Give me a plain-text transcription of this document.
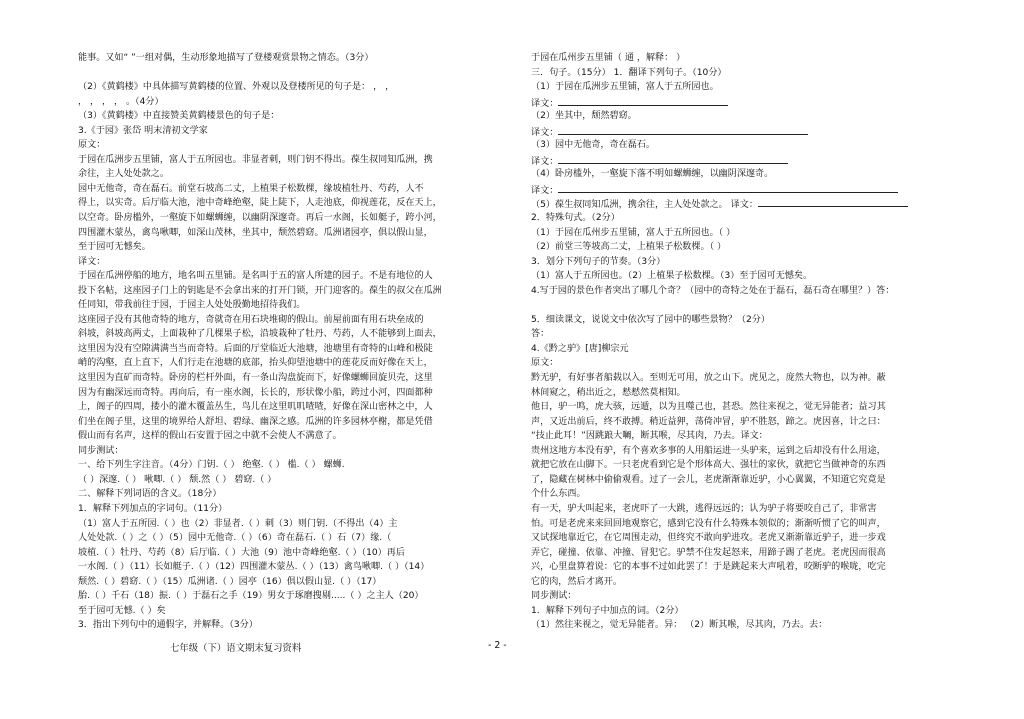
能事。又如“ ”一组对偶，生动形象地描写了登楼观赏景物之情态。（3分）
（2）《黄鹤楼》中具体描写黄鹤楼的位置、外观以及登楼所见的句子是： ， ，
， ， ， ， 。（4分）
（3）《黄鹤楼》中直接赞美黄鹤楼景色的句子是：
3.《于园》张岱 明末清初文学家
原文：
于园在瓜洲步五里铺，富人于五所园也。非显者刺，则门钥不得出。葆生叔同知瓜洲，携
余往，主人处处款之。
园中无他奇，奇在磊石。前堂石坡高二丈，上植果子松数棵，缘坡植牡丹、芍药，人不
得上，以实奇。后厅临大池，池中奇峰绝壑，陡上陡下，人走池底，仰视莲花，反在天上，
以空奇。卧房槛外，一壑旋下如螺蛳缠，以幽阴深邃奇。再后一水阁，长如艇子，跨小河，
四围灌木蒙丛，禽鸟啾唧，如深山茂林，坐其中，颓然碧窈。瓜洲诸园亭，俱以假山显，
至于园可无憾矣。
译文：
于园在瓜洲停船的地方，地名叫五里铺。是名叫于五的富人所建的园子。不是有地位的人
投下名帖，这座园子门上的钥匙是不会拿出来的打开门锁，开门迎客的。葆生的叔父在瓜洲
任同知，带我前往于园，于园主人处处殷勤地招待我们。
这座园子没有其他奇特的地方，奇就奇在用石块堆砌的假山。前屋前面有用石块垒成的
斜坡，斜坡高两丈，上面栽种了几棵果子松，沿坡栽种了牡丹、芍药，人不能够到上面去，
这里因为没有空隙满满当当而奇特。后面的厅堂临近大池塘，池塘里有奇特的山峰和极陡
峭的沟壑，直上直下，人们行走在池塘的底部，抬头仰望池塘中的莲花反而好像在天上，
这里因为直矿而奇特。卧房的栏杆外面，有一条山沟盘旋而下，好像螺蛳回旋贝壳，这里
因为有幽深远而奇特。再向后，有一座水阁，长长的，形状像小船，跨过小河，四面都种
上，阁子的四周，搂小的灌木覆盖丛生，鸟儿在这里叽叽喳喳，好像在深山密林之中，人
们坐在阁子里，这里的境界给人舒坦、碧绿、幽深之感。瓜洲的许多园林亭榭，都是凭借
假山而有名声，这样的假山石安置于园之中就不会使人不满意了。
同步测试：
一、给下列生字注音。（4分）门钥.（ ） 绝壑.（ ） 槛.（ ） 螺蛳.
（ ）深邃.（ ） 啾唧.（ ） 颓.然（ ） 碧窈.（ ）
二、解释下列词语的含义。（18分）
1．解释下列加点的字词句。（11分）
（1）富人于五所园.（ ）也（2）非显者.（ ）刺（3）则门钥.（不得出（4）主
人处处款.（ ）之（ ）（5）园中无他奇.（ ）（6）奇在磊石.（ ）石（7）缘.（
坡植.（ ）牡丹、芍药（8）后厅临.（ ）大池（9）池中奇峰绝壑.（ ）（10）再后
一水阁.（ ）（11）长如艇子.（ ）（12）四围灌木蒙丛.（ ）（13）禽鸟啾唧.（ ）（14）
颓然.（ ）碧窈.（ ）（15）瓜洲诸.（ ）园亭（16）俱以假山显.（ ）（17）
胎.（ ）千石（18）振.（ ）于磊石之手（19）男女于琢磨搜剔.....（ ）之主人（20）
至于园可无憾.（ ）矣
3．指出下列句中的通假字，并解释。（3分）
于园在瓜州步五里铺（ 通 ，解释： ）
三．句子。（15分） 1．翻译下列句子。（10分）
（1）于园在瓜洲步五里铺，富人于五所园也。
译文：
（2）坐其中，颓然碧窈。
译文：
（3）园中无他奇，奇在磊石。
译文：
（4）卧房槛外，一壑旋下落不明如螺蛳缠，以幽阴深邃奇。
译文：
（5）葆生叔同知瓜洲，携余往，主人处处款之。 译文：
2．特殊句式。（2分）
（1）于园在瓜州步五里铺，富人于五所园也。（ ）
（2）前堂三等坡高二丈，上植果子松数棵。（ ）
3．划分下列句子的节奏。（3分）
（1）富人于五所园也。（2）上植果子松数棵。（3）至于园可无憾矣。
4.写于园的景色作者突出了哪几个奇？（园中的奇特之处在于磊石，磊石奇在哪里？）答：
5．细读课文，说说文中依次写了园中的哪些景物？（2分）
答：
4.《黔之驴》[唐]柳宗元
原文：
黔无驴，有好事者船载以入。至则无可用，放之山下。虎见之，庞然大物也，以为神。蔽
林间窥之，稍出近之，慭慭然莫相知。
他日，驴一鸣，虎大骇，远遁，以为且噬己也，甚恐。然往来视之，觉无异能者；益习其
声，又近出前后，终不敢搏。稍近益狎，荡倚冲冒，驴不胜怒，蹄之。虎因喜，计之曰：
“技止此耳！”因跳踉大㘎，断其喉，尽其肉，乃去。译文：
贵州这地方本没有驴，有个喜欢多事的人用船运进一头驴来，运到之后却没有什么用途，
就把它放在山脚下。一只老虎看到它是个形体高大、强壮的家伙，就把它当做神奇的东西
了，隐藏在树林中偷偷观看。过了一会儿，老虎渐渐靠近驴，小心翼翼，不知道它究竟是
个什么东西。
有一天，驴大叫起来，老虎吓了一大跳，逃得远远的；认为驴子将要咬自己了，非常害
怕。可是老虎来来回回地观察它，感到它没有什么特殊本领似的；渐渐听惯了它的叫声，
又试探地靠近它，在它周围走动，但终究不敢向驴进攻。老虎又渐渐靠近驴子，进一步戏
弄它，碰撞、依靠、冲撞、冒犯它。驴禁不住发起怒来，用蹄子踢了老虎。老虎因而很高
兴，心里盘算着说：它的本事不过如此罢了！于是跳起来大声吼着，咬断驴的喉咙，吃完
它的肉，然后才离开。
同步测试：
1．解释下列句子中加点的词。（2分）
（1）然往来视之，觉无异能者。异： （2）断其喉，尽其肉，乃去。去：
七年级（下）语文期末复习资料	- 2 -
